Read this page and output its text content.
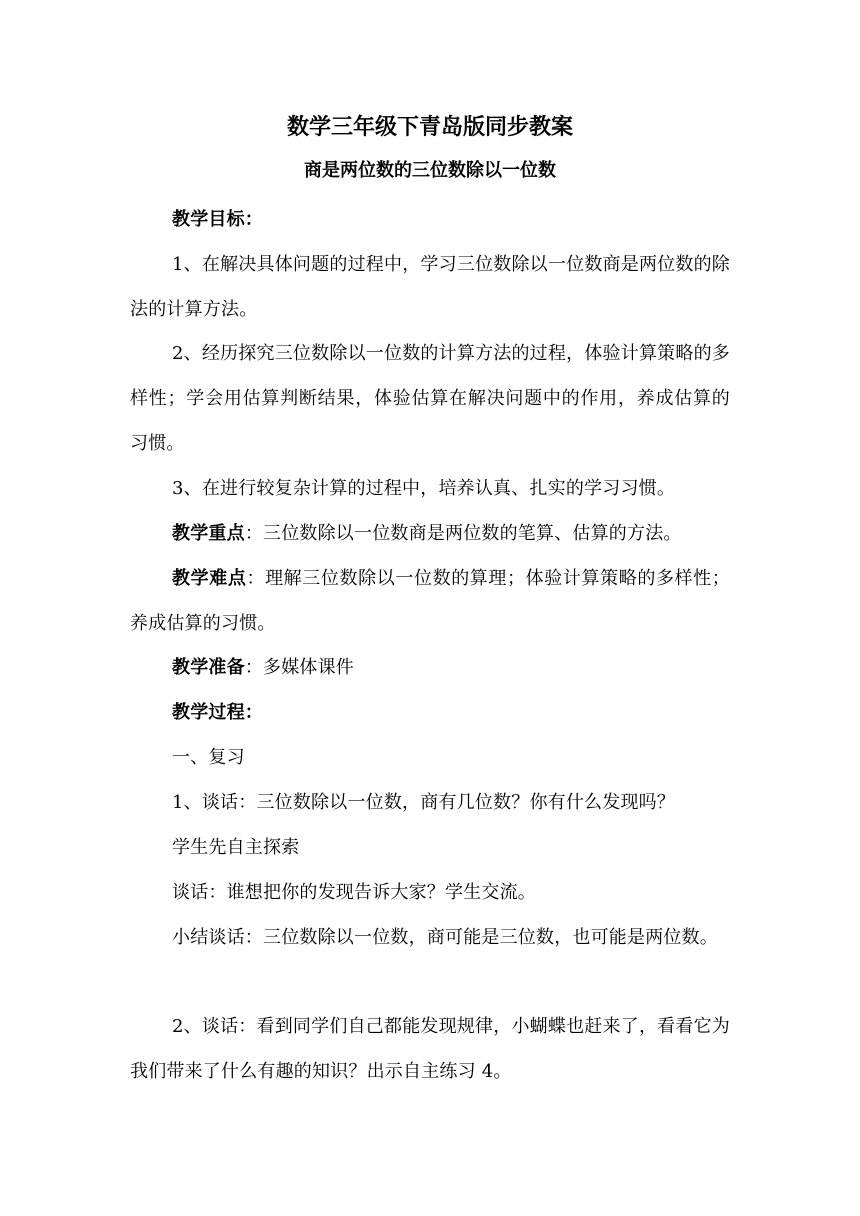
数学三年级下青岛版同步教案
商是两位数的三位数除以一位数
教学目标：
1、在解决具体问题的过程中，学习三位数除以一位数商是两位数的除法的计算方法。
2、经历探究三位数除以一位数的计算方法的过程，体验计算策略的多样性；学会用估算判断结果，体验估算在解决问题中的作用，养成估算的习惯。
3、在进行较复杂计算的过程中，培养认真、扎实的学习习惯。
教学重点：三位数除以一位数商是两位数的笔算、估算的方法。
教学难点：理解三位数除以一位数的算理；体验计算策略的多样性；养成估算的习惯。
教学准备：多媒体课件
教学过程：
一、复习
1、谈话：三位数除以一位数，商有几位数？你有什么发现吗？
学生先自主探索
谈话：谁想把你的发现告诉大家？学生交流。
小结谈话：三位数除以一位数，商可能是三位数，也可能是两位数。
2、谈话：看到同学们自己都能发现规律，小蝴蝶也赶来了，看看它为我们带来了什么有趣的知识？出示自主练习 4。
